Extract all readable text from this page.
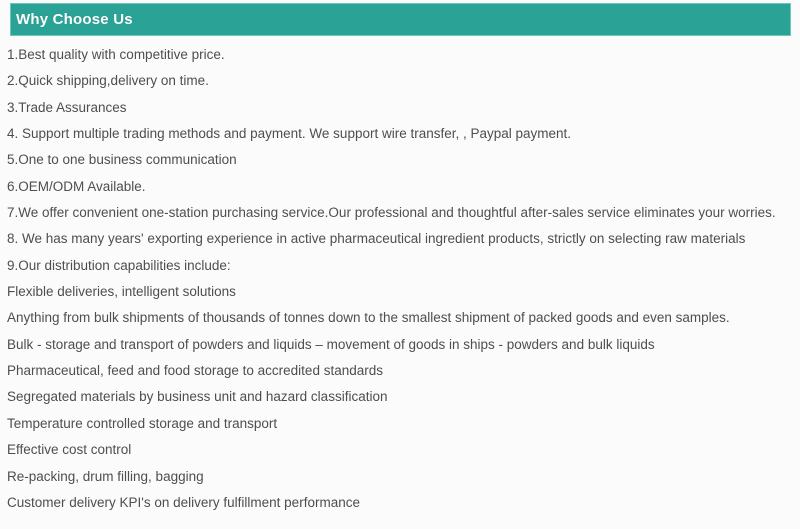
Why Choose Us

1.Best quality with competitive price.

2.Quick shipping,delivery on time.

3.Trade Assurances

4. Support multiple trading methods and payment. We support wire transfer, , Paypal payment.

5.One to one business communication

6.OEM/ODM Available.

7.We offer convenient one-station purchasing service.Our professional and thoughtful after-sales service eliminates your worries.

8. We has many years' exporting experience in active pharmaceutical ingredient products, strictly on selecting raw materials

9.Our distribution capabilities include:

Flexible deliveries, intelligent solutions

Anything from bulk shipments of thousands of tonnes down to the smallest shipment of packed goods and even samples.

Bulk - storage and transport of powders and liquids – movement of goods in ships - powders and bulk liquids

Pharmaceutical, feed and food storage to accredited standards

Segregated materials by business unit and hazard classification

Temperature controlled storage and transport

Effective cost control

Re-packing, drum filling, bagging

Customer delivery KPI's on delivery fulfillment performance
